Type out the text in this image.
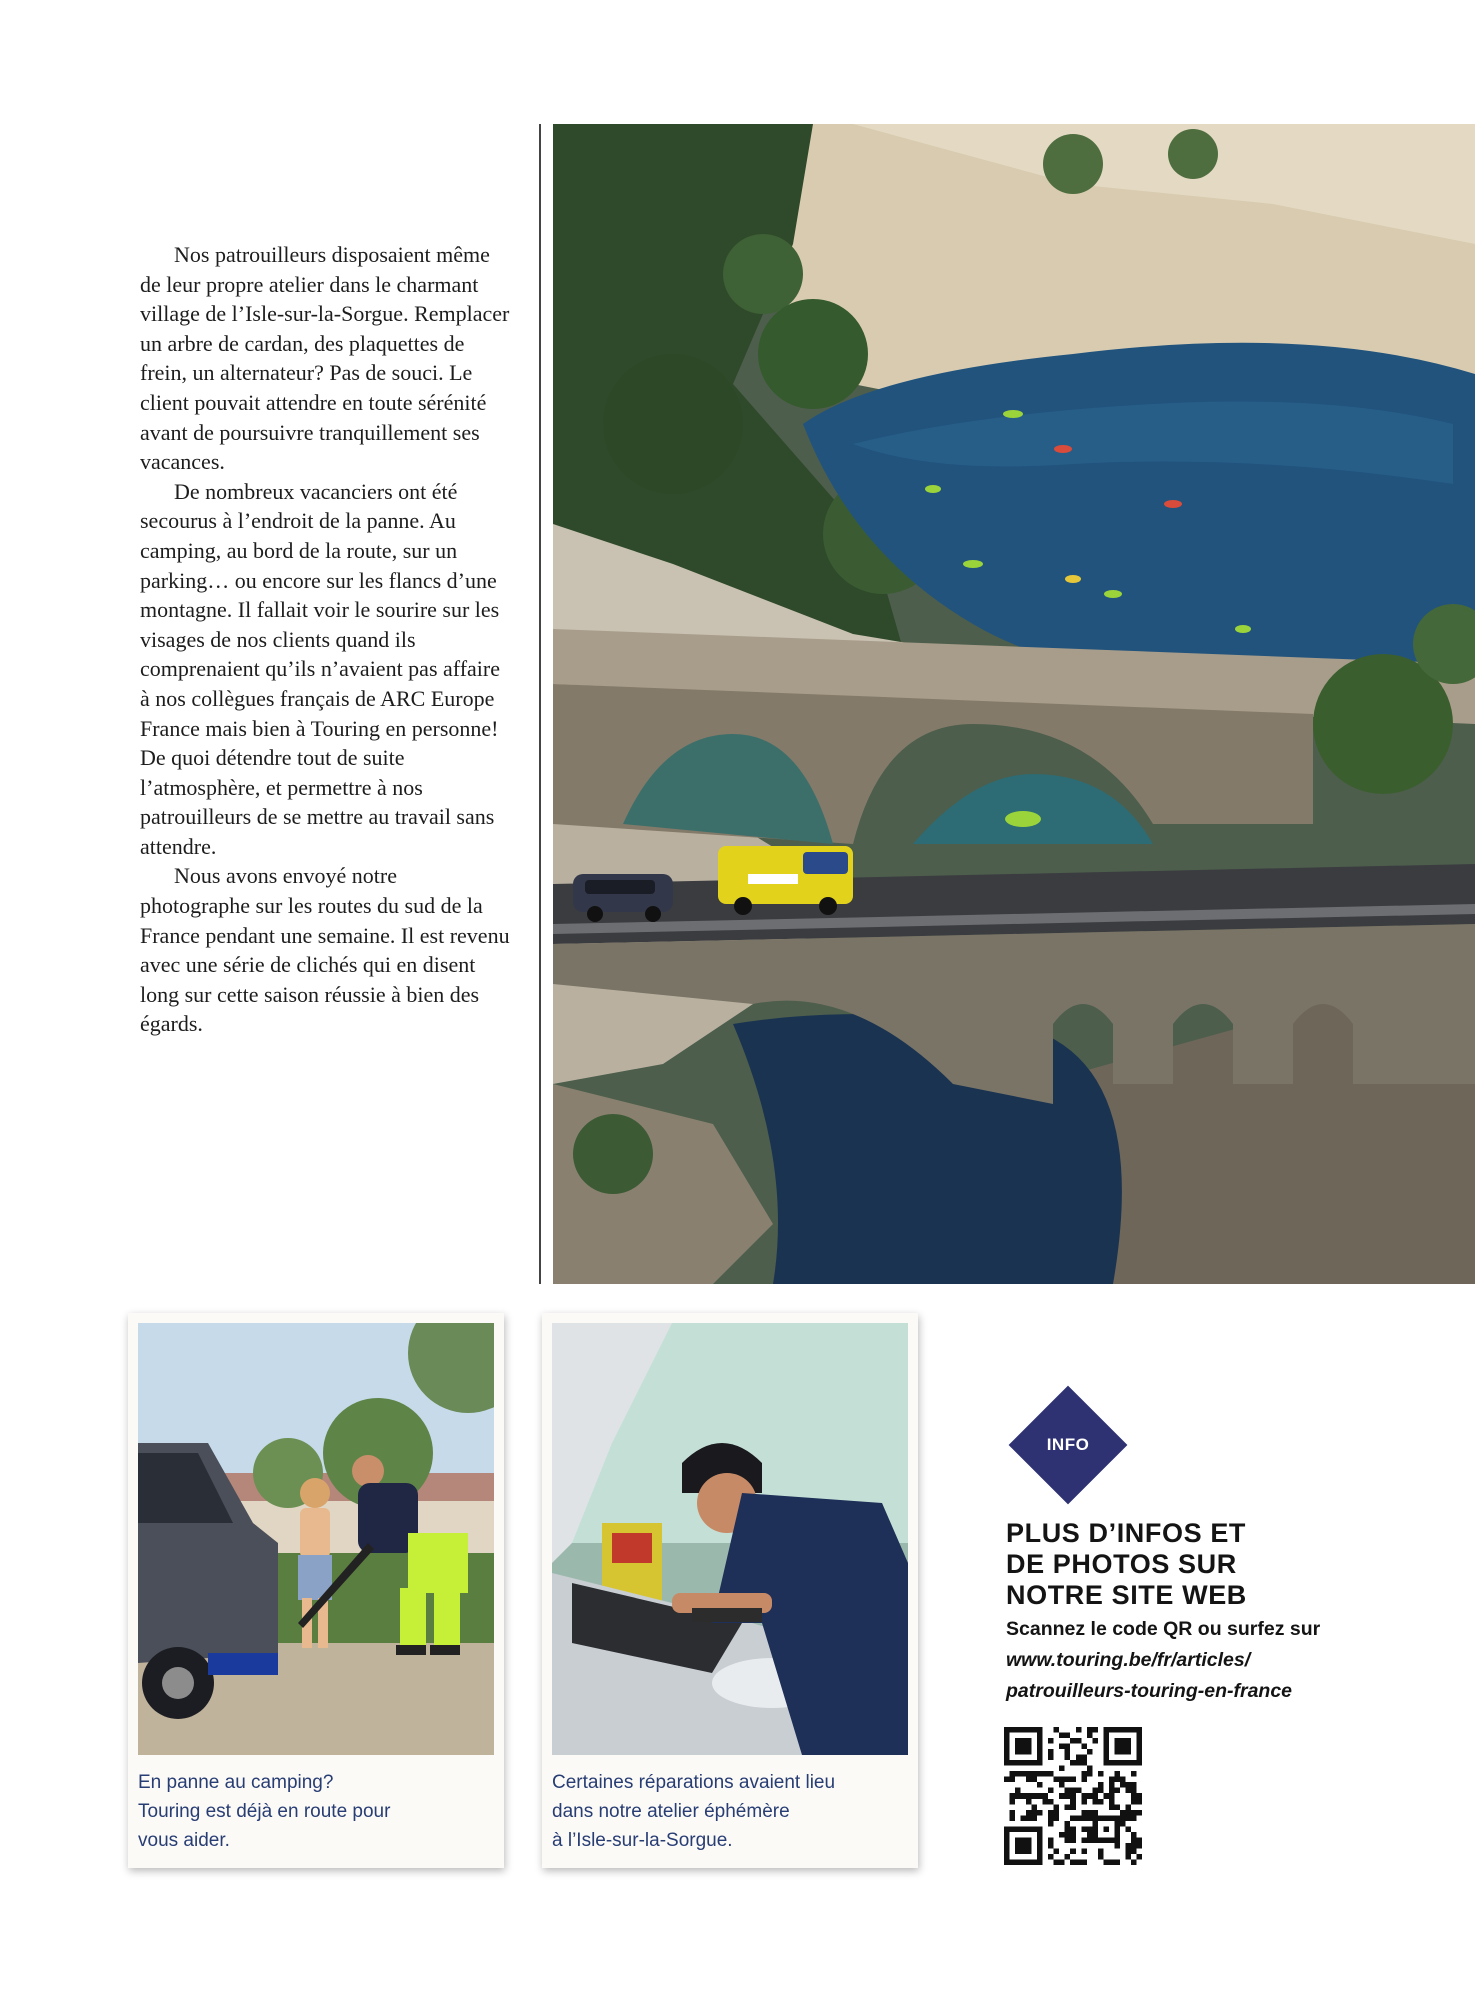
Nos patrouilleurs disposaient même de leur propre atelier dans le charmant village de l’Isle-sur-la-Sorgue. Remplacer un arbre de cardan, des plaquettes de frein, un alternateur? Pas de souci. Le client pouvait attendre en toute sérénité avant de poursuivre tranquillement ses vacances.

De nombreux vacanciers ont été secourus à l’endroit de la panne. Au camping, au bord de la route, sur un parking… ou encore sur les flancs d’une montagne. Il fallait voir le sourire sur les visages de nos clients quand ils comprenaient qu’ils n’avaient pas affaire à nos collègues français de ARC Europe France mais bien à Touring en personne! De quoi détendre tout de suite l’atmosphère, et permettre à nos patrouilleurs de se mettre au travail sans attendre.

Nous avons envoyé notre photographe sur les routes du sud de la France pendant une semaine. Il est revenu avec une série de clichés qui en disent long sur cette saison réussie à bien des égards.

En panne au camping?
Touring est déjà en route pour
vous aider.
Certaines réparations avaient lieu
dans notre atelier éphémère
à l’Isle-sur-la-Sorgue.
INFO
PLUS D’INFOS ET
DE PHOTOS SUR
NOTRE SITE WEB
Scannez le code QR ou surfez sur
www.touring.be/fr/articles/
patrouilleurs-touring-en-france
